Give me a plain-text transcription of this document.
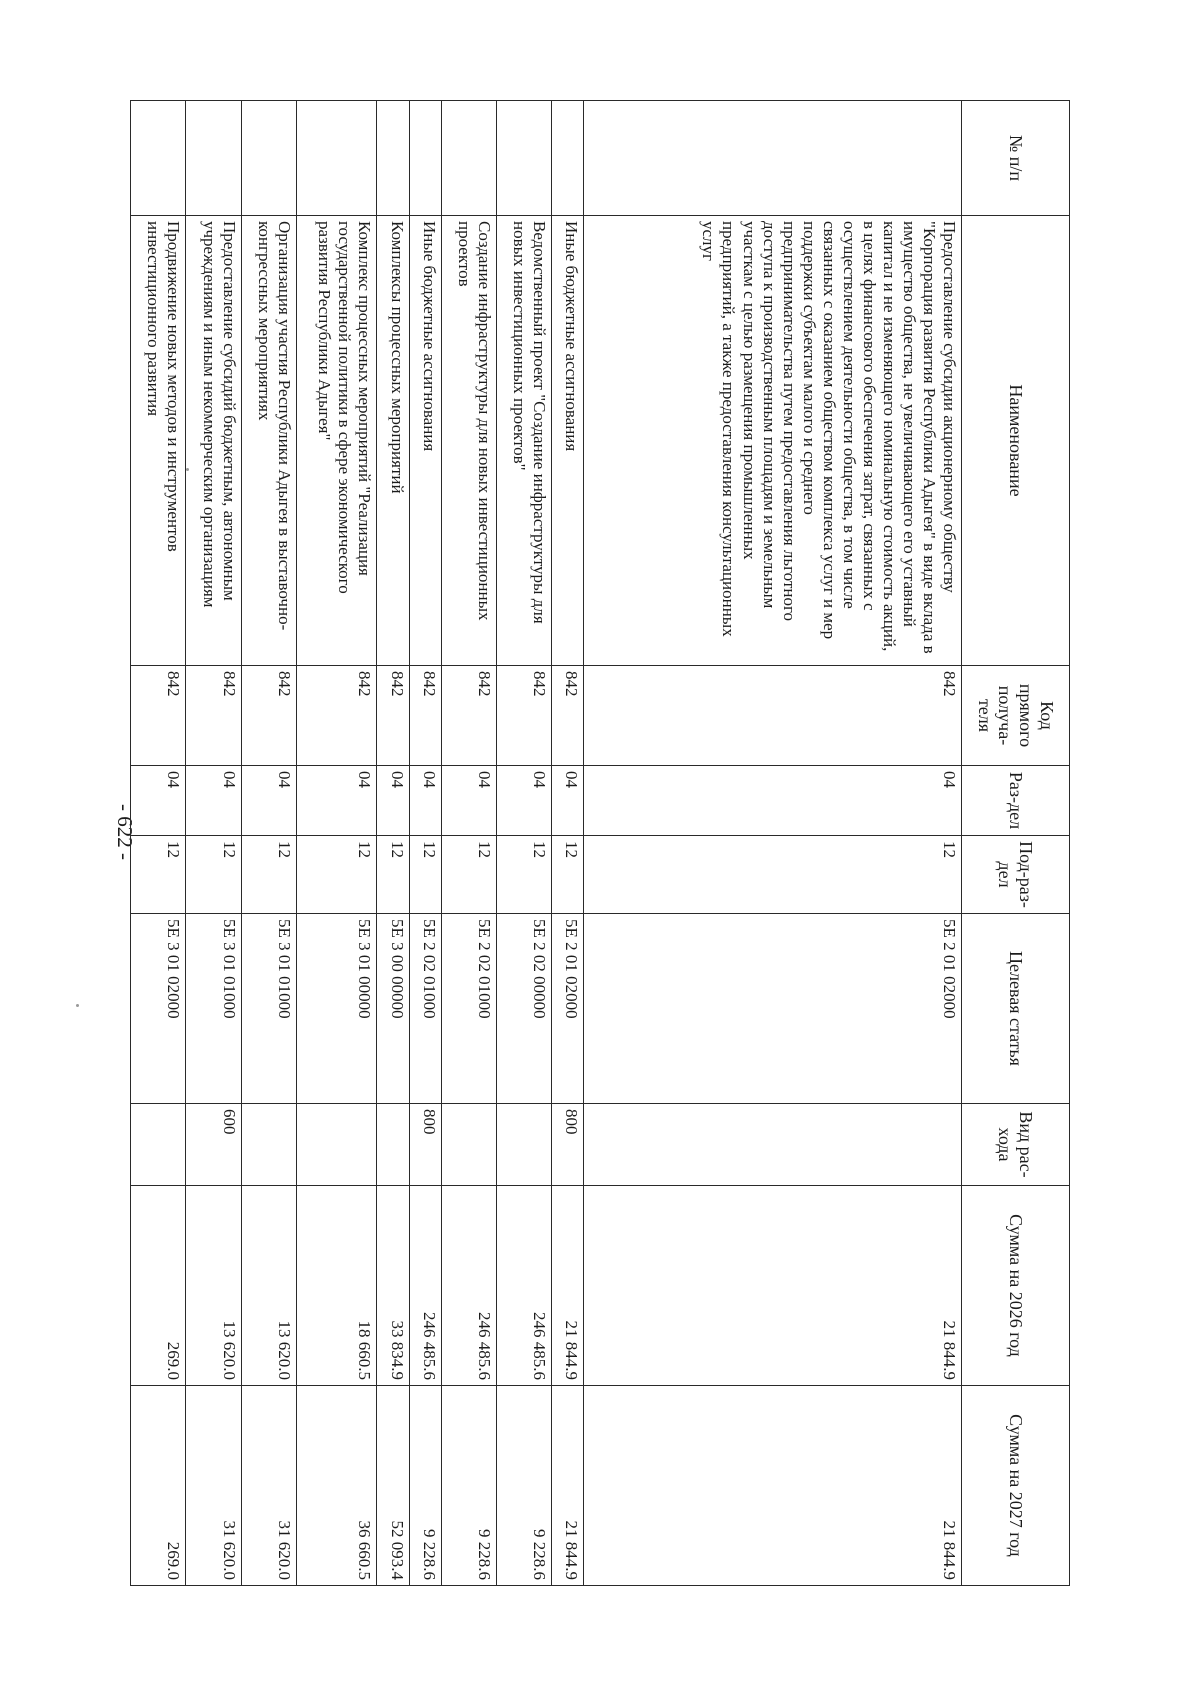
- 622 -
№ п/п	Наименование	Код прямого получа-теля	Раз-дел	Под-раз-дел	Целевая статья	Вид рас-хода	Сумма на 2026 год	Сумма на 2027 год
	Предоставление субсидии акционерному обществу "Корпорация развития Республики Адыгея" в виде вклада в имущество общества, не увеличивающего его уставный капитал и не изменяющего номинальную стоимость акций, в целях финансового обеспечения затрат, связанных с осуществлением деятельности общества, в том числе связанных с оказанием обществом комплекса услуг и мер поддержки субъектам малого и среднего предпринимательства путем предоставления льготного доступа к производственным площадям и земельным участкам с целью размещения промышленных предприятий, а также предоставления консультационных услуг	842	04	12	5Е 2 01 02000		21 844.9	21 844.9
	Иные бюджетные ассигнования	842	04	12	5Е 2 01 02000	800	21 844.9	21 844.9
	Ведомственный проект "Создание инфраструктуры для новых инвестиционных проектов"	842	04	12	5Е 2 02 00000		246 485.6	9 228.6
	Создание инфраструктуры для новых инвестиционных проектов	842	04	12	5Е 2 02 01000		246 485.6	9 228.6
	Иные бюджетные ассигнования	842	04	12	5Е 2 02 01000	800	246 485.6	9 228.6
	Комплексы процессных мероприятий	842	04	12	5Е 3 00 00000		33 834.9	52 093.4
	Комплекс процессных мероприятий "Реализация государственной политики в сфере экономического развития Республики Адыгея"	842	04	12	5Е 3 01 00000		18 660.5	36 660.5
	Организация участия Республики Адыгея в выставочно-конгрессных мероприятиях	842	04	12	5Е 3 01 01000		13 620.0	31 620.0
	Предоставление субсидий бюджетным, автономным учреждениям и иным некоммерческим организациям	842	04	12	5Е 3 01 01000	600	13 620.0	31 620.0
	Продвижение новых методов и инструментов инвестиционного развития	842	04	12	5Е 3 01 02000		269.0	269.0
